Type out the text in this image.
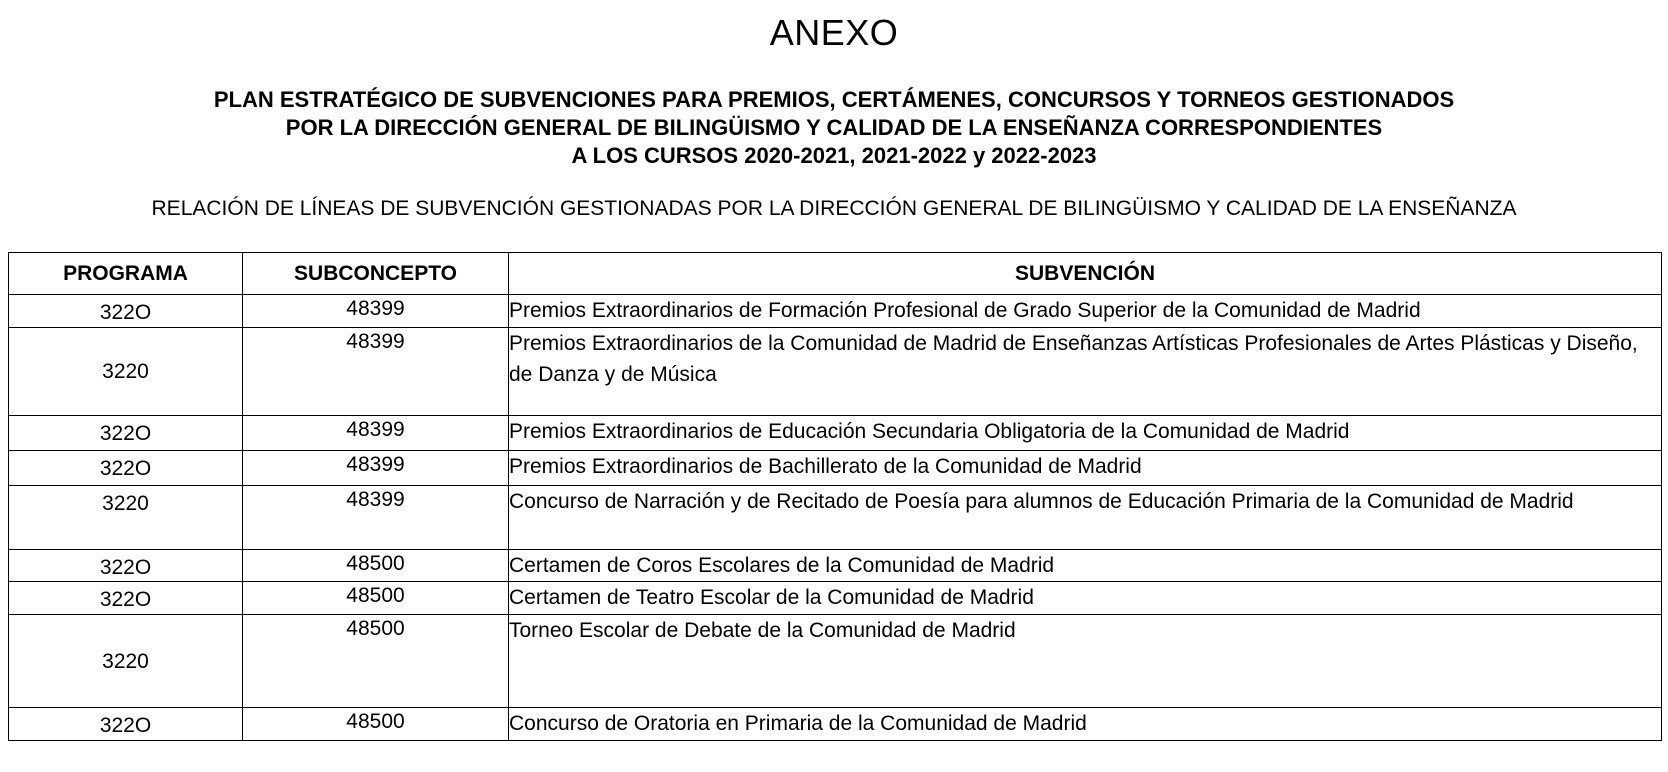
ANEXO
PLAN ESTRATÉGICO DE SUBVENCIONES PARA PREMIOS, CERTÁMENES, CONCURSOS Y TORNEOS GESTIONADOS
POR LA DIRECCIÓN GENERAL DE BILINGÜISMO Y CALIDAD DE LA ENSEÑANZA CORRESPONDIENTES
A LOS CURSOS 2020-2021, 2021-2022 y 2022-2023
RELACIÓN DE LÍNEAS DE SUBVENCIÓN GESTIONADAS POR LA DIRECCIÓN GENERAL DE BILINGÜISMO Y CALIDAD DE LA ENSEÑANZA
PROGRAMA	SUBCONCEPTO	SUBVENCIÓN
322O	48399	Premios Extraordinarios de Formación Profesional de Grado Superior de la Comunidad de Madrid
3220	48399	Premios Extraordinarios de la Comunidad de Madrid de Enseñanzas Artísticas Profesionales de Artes Plásticas y Diseño, de Danza y de Música
322O	48399	Premios Extraordinarios de Educación Secundaria Obligatoria de la Comunidad de Madrid
322O	48399	Premios Extraordinarios de Bachillerato de la Comunidad de Madrid
3220	48399	Concurso de Narración y de Recitado de Poesía para alumnos de Educación Primaria de la Comunidad de Madrid
322O	48500	Certamen de Coros Escolares de la Comunidad de Madrid
322O	48500	Certamen de Teatro Escolar de la Comunidad de Madrid
3220	48500	Torneo Escolar de Debate de la Comunidad de Madrid
322O	48500	Concurso de Oratoria en Primaria de la Comunidad de Madrid
